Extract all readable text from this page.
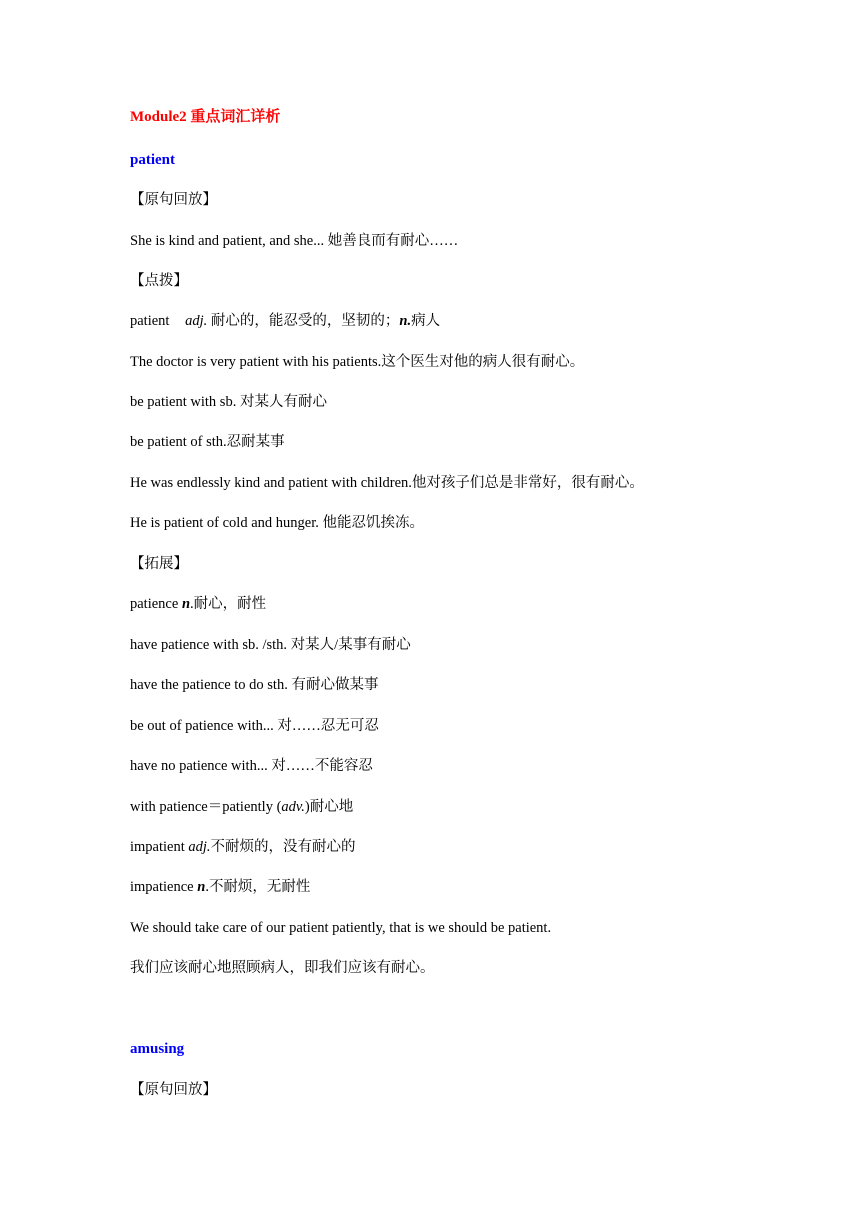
Module2 重点词汇详析
patient
【原句回放】
She is kind and patient, and she... 她善良而有耐心……
【点拨】
patient adj. 耐心的，能忍受的，坚韧的；n.病人
The doctor is very patient with his patients.这个医生对他的病人很有耐心。
be patient with sb. 对某人有耐心
be patient of sth.忍耐某事
He was endlessly kind and patient with children.他对孩子们总是非常好，很有耐心。
He is patient of cold and hunger. 他能忍饥挨冻。
【拓展】
patience n.耐心，耐性
have patience with sb. /sth. 对某人/某事有耐心
have the patience to do sth. 有耐心做某事
be out of patience with... 对……忍无可忍
have no patience with... 对……不能容忍
with patience＝patiently (adv.)耐心地
impatient adj.不耐烦的，没有耐心的
impatience n.不耐烦，无耐性
We should take care of our patient patiently, that is we should be patient.
我们应该耐心地照顾病人，即我们应该有耐心。
amusing
【原句回放】
